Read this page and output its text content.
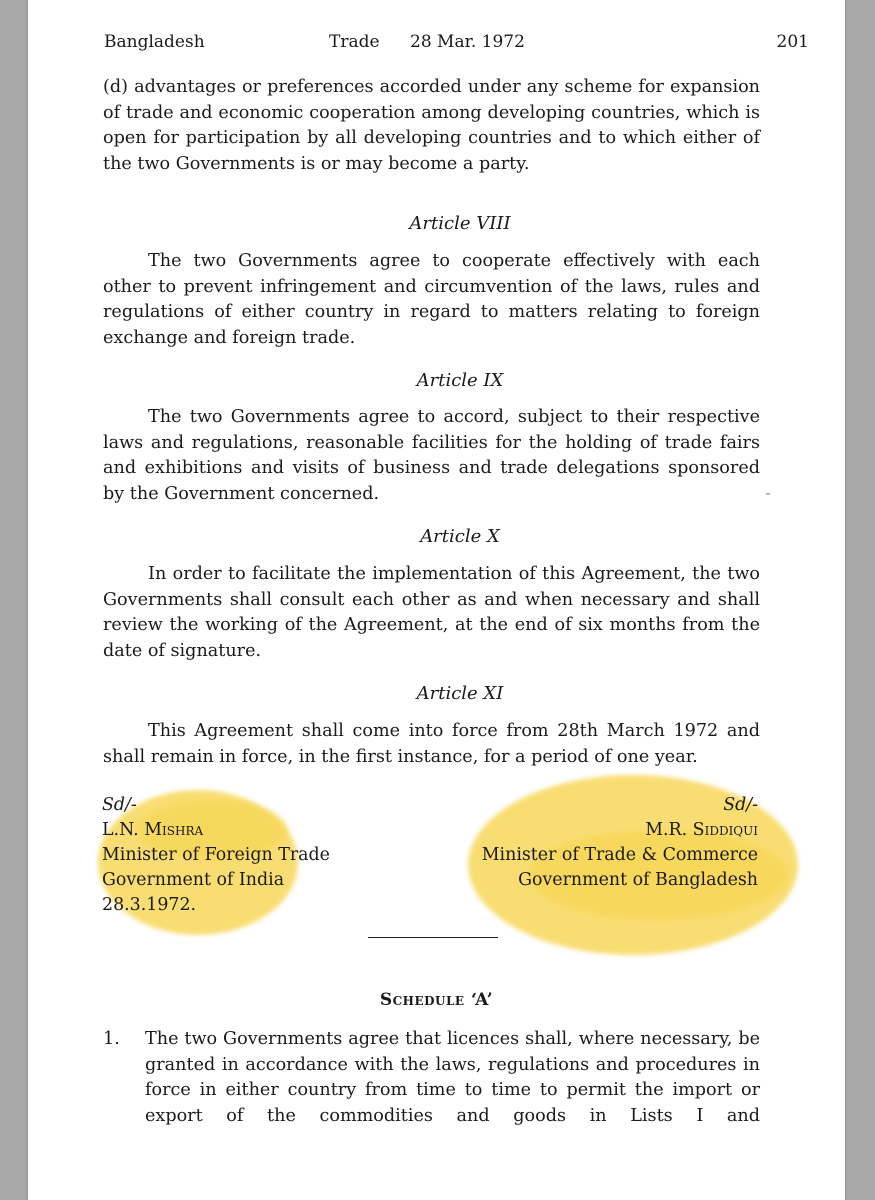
Bangladesh	Trade 28 Mar. 1972	201
(d) advantages or preferences accorded under any scheme for expansion of trade and economic cooperation among developing countries, which is open for participation by all developing countries and to which either of the two Governments is or may become a party.
Article VIII
The two Governments agree to cooperate effectively with each other to prevent infringement and circumvention of the laws, rules and regulations of either country in regard to matters relating to foreign exchange and foreign trade.
Article IX
The two Governments agree to accord, subject to their respective laws and regulations, reasonable facilities for the holding of trade fairs and exhibitions and visits of business and trade delegations sponsored by the Government concerned.
Article X
In order to facilitate the implementation of this Agreement, the two Governments shall consult each other as and when necessary and shall review the working of the Agreement, at the end of six months from the date of signature.
Article XI
This Agreement shall come into force from 28th March 1972 and shall remain in force, in the first instance, for a period of one year.
Sd/-
L.N. Mishra
Minister of Foreign Trade
Government of India
28.3.1972.
Sd/-
M.R. Siddiqui
Minister of Trade & Commerce
Government of Bangladesh
Schedule ‘A’
1. The two Governments agree that licences shall, where necessary, be granted in accordance with the laws, regulations and procedures in force in either country from time to time to permit the import or export of the commodities and goods in Lists I and
